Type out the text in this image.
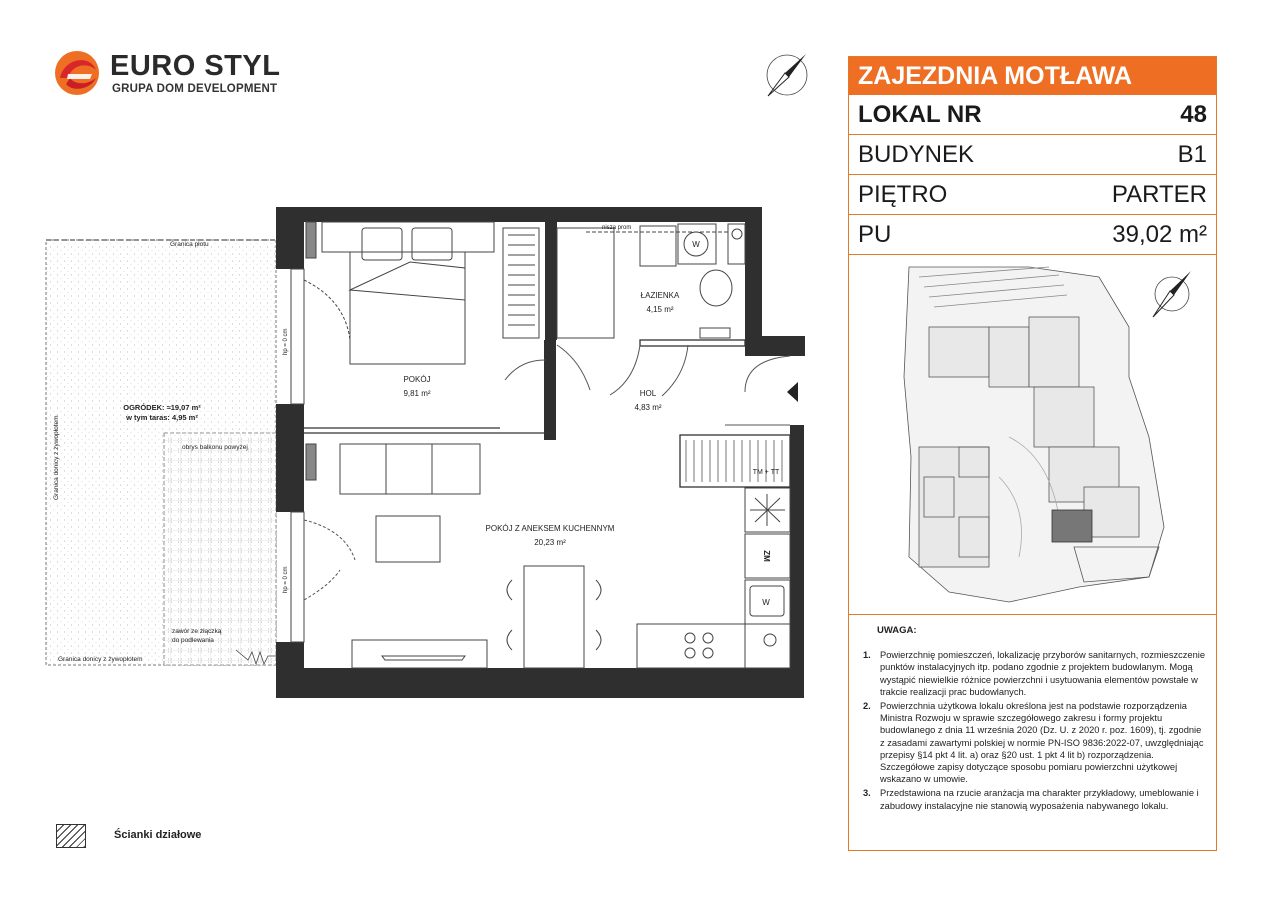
EURO STYL
GRUPA DOM DEVELOPMENT
POKÓJ
9,81 m²
ŁAZIENKA
4,15 m²
HOL
4,83 m²
POKÓJ Z ANEKSEM KUCHENNYM
20,23 m²
OGRÓDEK: ≈19,07 m²
w tym taras: 4,95 m²
Granica płotu
Granica donicy z żywopłotem
Granica donicy z żywopłotem
obrys balkonu powyżej
zawór ze złączką
do podlewania
nisza prom
hp = 0 cm
hp = 0 cm
W
TM + TT
ZM
W
ZAJEZDNIA MOTŁAWA
LOKAL NR	48
BUDYNEK	B1
PIĘTRO	PARTER
PU	39,02 m²
UWAGA:
1. Powierzchnię pomieszczeń, lokalizację przyborów sanitarnych, rozmieszczenie punktów instalacyjnych itp. podano zgodnie z projektem budowlanym. Mogą wystąpić niewielkie różnice powierzchni i usytuowania elementów powstałe w trakcie realizacji prac budowlanych.
2. Powierzchnia użytkowa lokalu określona jest na podstawie rozporządzenia Ministra Rozwoju w sprawie szczegółowego zakresu i formy projektu budowlanego z dnia 11 września 2020 (Dz. U. z 2020 r. poz. 1609), tj. zgodnie z zasadami zawartymi polskiej w normie PN-ISO 9836:2022-07, uwzględniając przepisy §14 pkt 4 lit. a) oraz §20 ust. 1 pkt 4 lit b) rozporządzenia. Szczegółowe zapisy dotyczące sposobu pomiaru powierzchni użytkowej wskazano w umowie.
3. Przedstawiona na rzucie aranżacja ma charakter przykładowy, umeblowanie i zabudowy instalacyjne nie stanowią wyposażenia nabywanego lokalu.
Ścianki działowe
